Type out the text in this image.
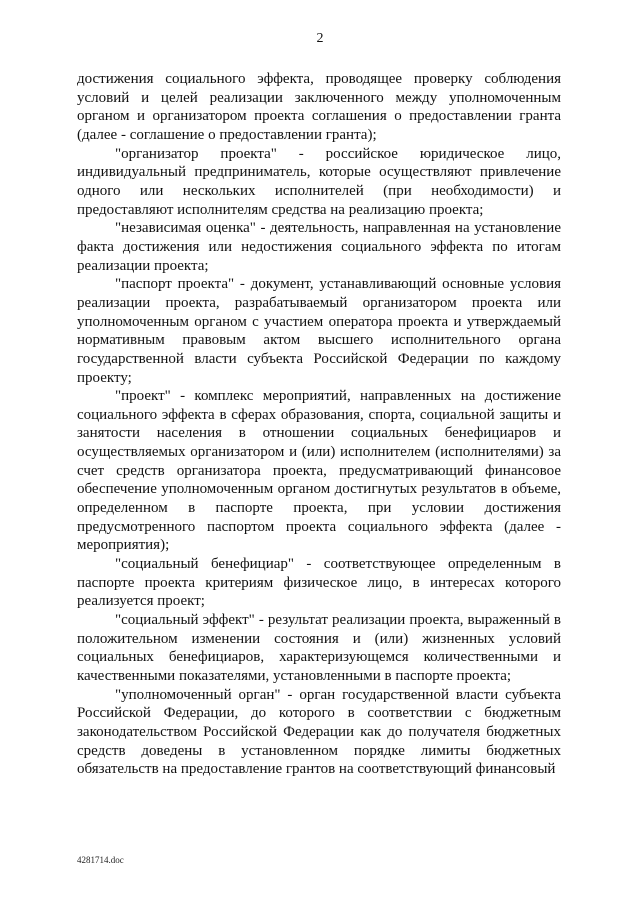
2

достижения социального эффекта, проводящее проверку соблюдения условий и целей реализации заключенного между уполномоченным органом и организатором проекта соглашения о предоставлении гранта (далее - соглашение о предоставлении гранта);

"организатор проекта" - российское юридическое лицо, индивидуальный предприниматель, которые осуществляют привлечение одного или нескольких исполнителей (при необходимости) и предоставляют исполнителям средства на реализацию проекта;

"независимая оценка" - деятельность, направленная на установление факта достижения или недостижения социального эффекта по итогам реализации проекта;

"паспорт проекта" - документ, устанавливающий основные условия реализации проекта, разрабатываемый организатором проекта или уполномоченным органом с участием оператора проекта и утверждаемый нормативным правовым актом высшего исполнительного органа государственной власти субъекта Российской Федерации по каждому проекту;

"проект" - комплекс мероприятий, направленных на достижение социального эффекта в сферах образования, спорта, социальной защиты и занятости населения в отношении социальных бенефициаров и осуществляемых организатором и (или) исполнителем (исполнителями) за счет средств организатора проекта, предусматривающий финансовое обеспечение уполномоченным органом достигнутых результатов в объеме, определенном в паспорте проекта, при условии достижения предусмотренного паспортом проекта социального эффекта (далее - мероприятия);

"социальный бенефициар" - соответствующее определенным в паспорте проекта критериям физическое лицо, в интересах которого реализуется проект;

"социальный эффект" - результат реализации проекта, выраженный в положительном изменении состояния и (или) жизненных условий социальных бенефициаров, характеризующемся количественными и качественными показателями, установленными в паспорте проекта;

"уполномоченный орган" - орган государственной власти субъекта Российской Федерации, до которого в соответствии с бюджетным законодательством Российской Федерации как до получателя бюджетных средств доведены в установленном порядке лимиты бюджетных обязательств на предоставление грантов на соответствующий финансовый

4281714.doc
